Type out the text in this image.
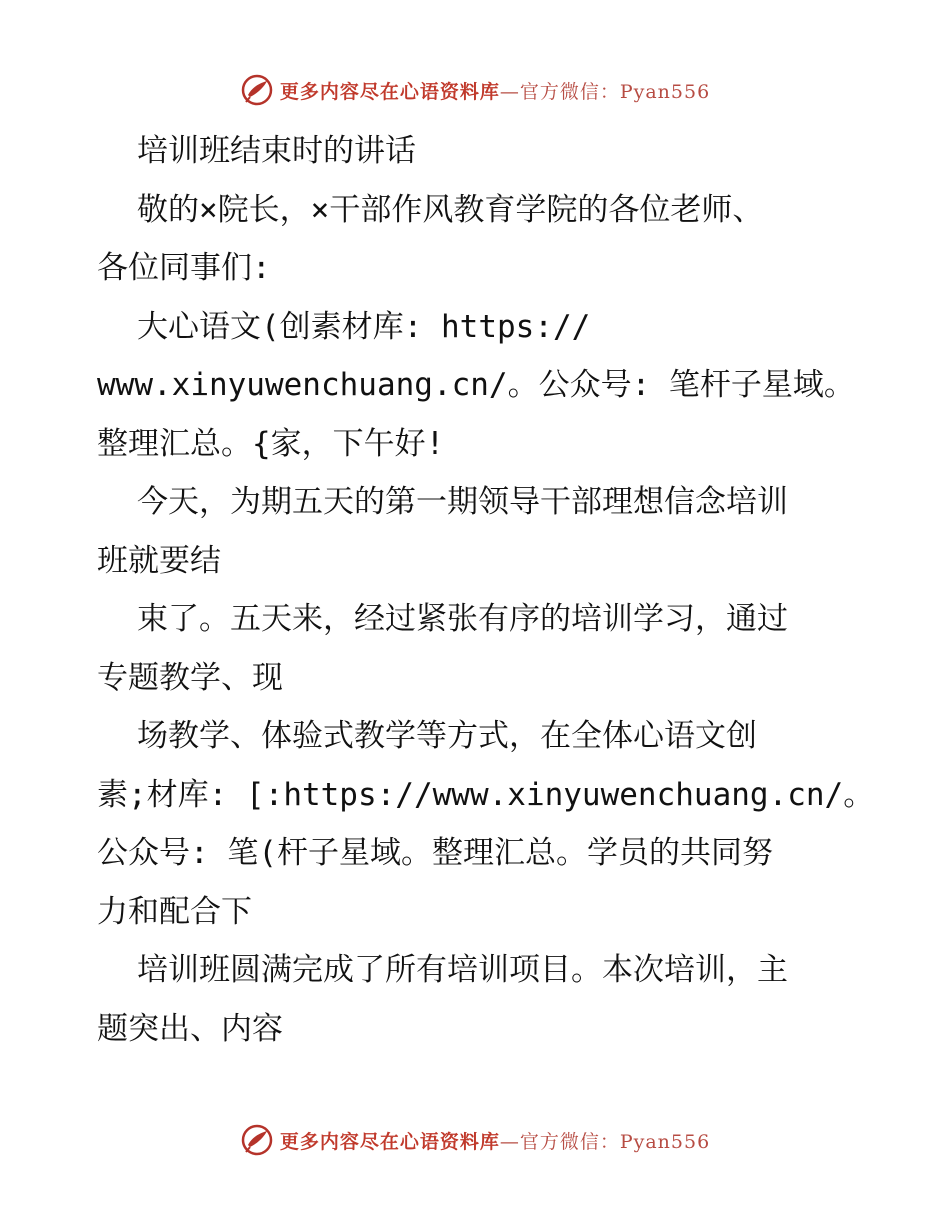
更多内容尽在心语资料库—官方微信：Pyan556
培训班结束时的讲话
敬的×院长，×干部作风教育学院的各位老师、
各位同事们:
大心语文(创素材库: https://
www.xinyuwenchuang.cn/。公众号: 笔杆子星域。
整理汇总。{家，下午好!
今天，为期五天的第一期领导干部理想信念培训
班就要结
束了。五天来，经过紧张有序的培训学习，通过
专题教学、现
场教学、体验式教学等方式，在全体心语文创
素;材库: [:https://www.xinyuwenchuang.cn/。
公众号: 笔(杆子星域。整理汇总。学员的共同努
力和配合下
培训班圆满完成了所有培训项目。本次培训，主
题突出、内容
更多内容尽在心语资料库—官方微信：Pyan556
